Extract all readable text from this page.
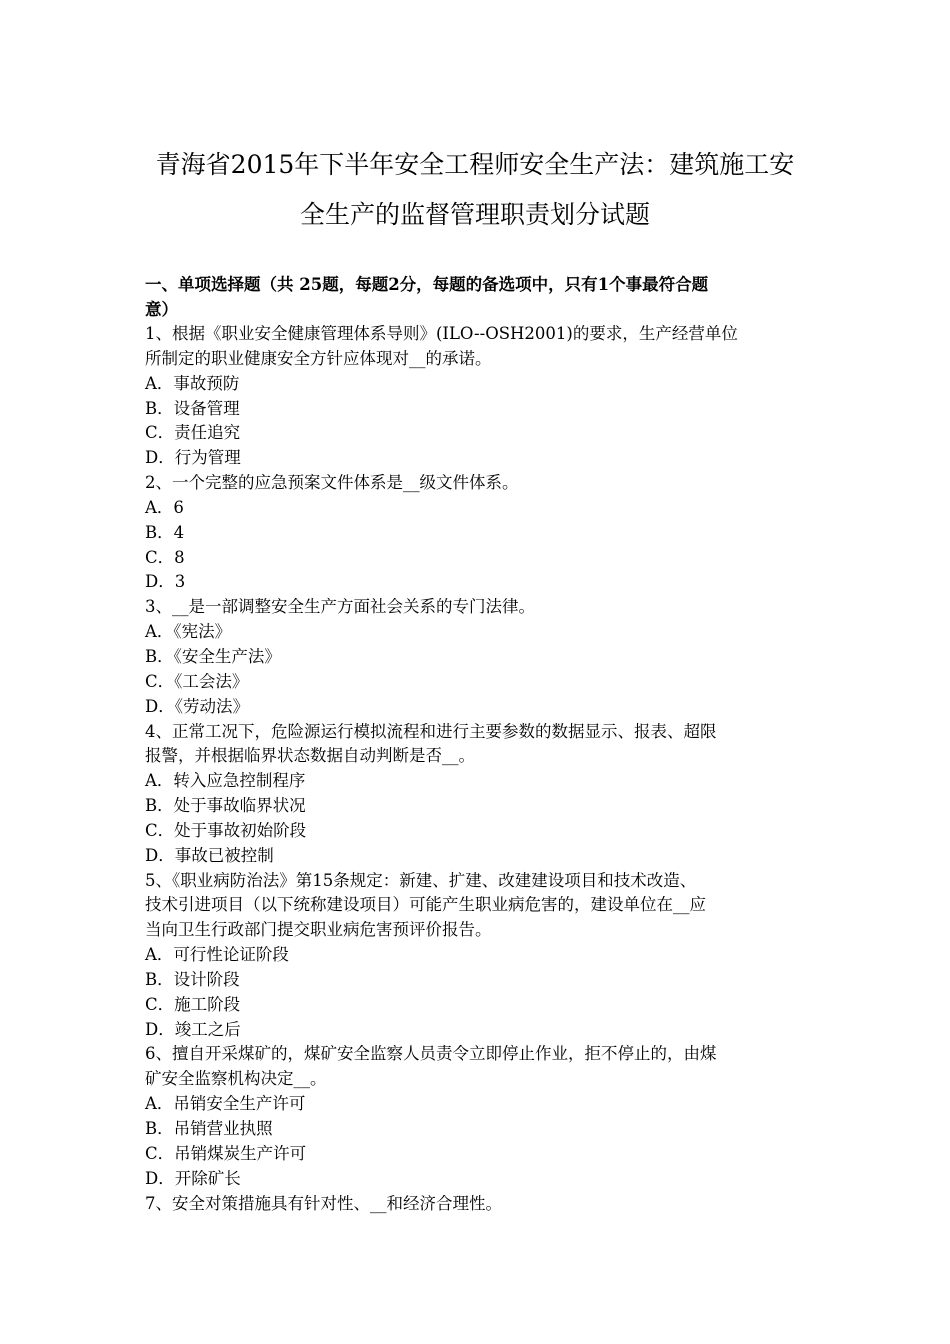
青海省2015年下半年安全工程师安全生产法：建筑施工安
全生产的监督管理职责划分试题
一、单项选择题（共 25题，每题2分，每题的备选项中，只有1个事最符合题
意）
1、根据《职业安全健康管理体系导则》(ILO--OSH2001)的要求，生产经营单位
所制定的职业健康安全方针应体现对__的承诺。
A．事故预防
B．设备管理
C．责任追究
D．行为管理
2、一个完整的应急预案文件体系是__级文件体系。
A．6
B．4
C．8
D．3
3、__是一部调整安全生产方面社会关系的专门法律。
A．《宪法》
B．《安全生产法》
C．《工会法》
D．《劳动法》
4、正常工况下，危险源运行模拟流程和进行主要参数的数据显示、报表、超限
报警，并根据临界状态数据自动判断是否__。
A．转入应急控制程序
B．处于事故临界状况
C．处于事故初始阶段
D．事故已被控制
5、《职业病防治法》第15条规定：新建、扩建、改建建设项目和技术改造、
技术引进项目（以下统称建设项目）可能产生职业病危害的，建设单位在__应
当向卫生行政部门提交职业病危害预评价报告。
A．可行性论证阶段
B．设计阶段
C．施工阶段
D．竣工之后
6、擅自开采煤矿的，煤矿安全监察人员责令立即停止作业，拒不停止的，由煤
矿安全监察机构决定__。
A．吊销安全生产许可
B．吊销营业执照
C．吊销煤炭生产许可
D．开除矿长
7、安全对策措施具有针对性、__和经济合理性。
